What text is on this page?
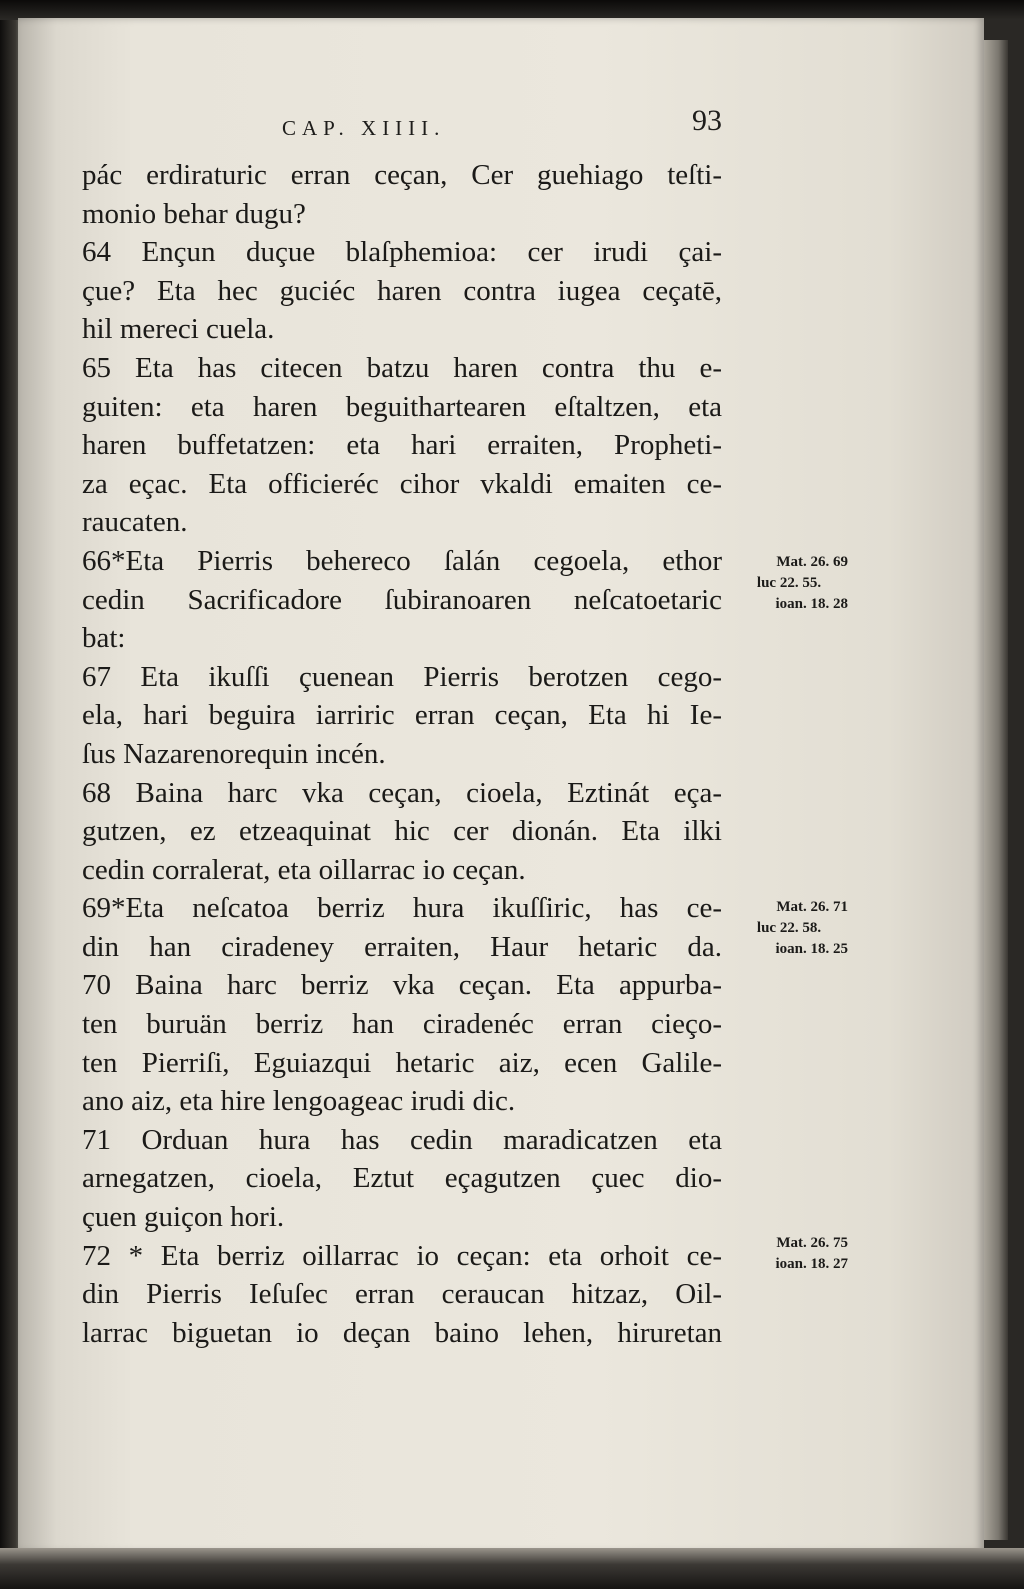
CAP. XIIII.	93
pác erdiraturic erran ceçan, Cer guehiago teſti-
monio behar dugu?
64 Ençun duçue blaſphemioa: cer irudi çai-
çue? Eta hec guciéc haren contra iugea ceçatē,
hil mereci cuela.
65 Eta has citecen batzu haren contra thu e-
guiten: eta haren beguithartearen eſtaltzen, eta
haren buffetatzen: eta hari erraiten, Propheti-
za eçac. Eta officieréc cihor vkaldi emaiten ce-
raucaten.
66*Eta Pierris behereco ſalán cegoela, ethor
cedin Sacrificadore ſubiranoaren neſcatoetaric
bat:
67 Eta ikuſſi çuenean Pierris berotzen cego-
ela, hari beguira iarriric erran ceçan, Eta hi Ie-
ſus Nazarenorequin incén.
68 Baina harc vka ceçan, cioela, Eztinát eça-
gutzen, ez etzeaquinat hic cer dionán. Eta ilki
cedin corralerat, eta oillarrac io ceçan.
69*Eta neſcatoa berriz hura ikuſſiric, has ce-
din han ciradeney erraiten, Haur hetaric da.
70 Baina harc berriz vka ceçan. Eta appurba-
ten buruän berriz han ciradenéc erran cieço-
ten Pierriſi, Eguiazqui hetaric aiz, ecen Galile-
ano aiz, eta hire lengoageac irudi dic.
71 Orduan hura has cedin maradicatzen eta
arnegatzen, cioela, Eztut eçagutzen çuec dio-
çuen guiçon hori.
72 * Eta berriz oillarrac io ceçan: eta orhoit ce-
din Pierris Ieſuſec erran ceraucan hitzaz, Oil-
larrac biguetan io deçan baino lehen, hiruretan
Mat. 26. 69
luc 22. 55.
ioan. 18. 28
Mat. 26. 71
luc 22. 58.
ioan. 18. 25
Mat. 26. 75
ioan. 18. 27
